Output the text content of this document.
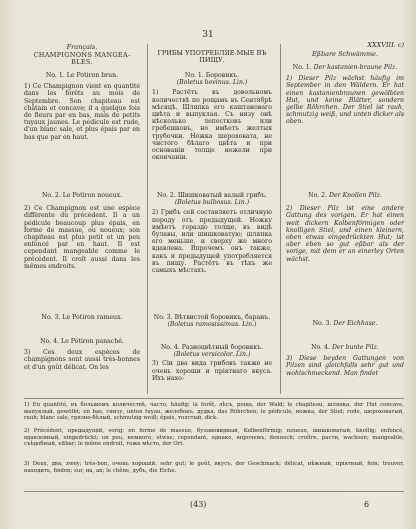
31
Français.
CHAMPIGNONS MANGEA-BLES.
No. 1. Le Potiron brun.
1) Ce Champignon vient en quantité dans les forêts au mois de Septembre. Son chapiteau est châtain et concave; il a quelque fois de fleurs par en bas, mais de petits tuyaux jaunes. Le pédicule est rude, d'un blanc sale, et plus épais par en bas que par en haut.
No. 2. Le Potiron noueux.
2) Ce Champignon est une espèce différente du précédent. Il a un pédicule beaucoup plus épais, en forme de massue, ou noueux; son chapiteau est plus petit et un peu enfoncé par en haut. Il est cependant mangeable comme le précédent. Il croît aussi dans les mêmes endroits.
No. 3. Le Potiron rameux.
No. 4. Le Potiron panaché.
3) Ces deux espèces de champignons sont aussi très-bonnes et d'un goût délicat. On les
ГРИБЫ УПОТРЕБЛЯЕ-МЫЕ ВЪ ПИЩУ.
No. 1. Боровикъ.
(Boletus bovinus. Lin.)
1) Растётъ въ довольномъ количествѣ по рощамъ въ Сентябрѣ мѣсяцѣ. Шляпка его каштановаго цвѣта и выпуклая. Съ низу онѣ нѣсколько лепестковъ или гребешковъ, но имѣетъ желтыя трубочки. Ножка шероховата, не чистого бѣлаго цвѣта и при основаніи толще нежели при окончаніи.
No. 2. Шишковатый валый грибъ.
(Boletus bulbosus. Lin.)
2) Грибъ сей составляетъ отличную породу отъ предыдущей. Ножку имѣетъ гораздо толще, въ видѣ булавы, или шишковатую; шляпка его меньше, и сверху же много вдавлена. Впрочемъ онъ также, какъ и предыдущей употребляется въ пищу. Растётъ въ тѣхъ же самыхъ мѣстахъ.
No. 3. Вѣтвистой боровикъ, баранъ.
(Boletus ramosissimus. Lin.)
No. 4. Разноцвѣтный боровикъ.
(Boletus versicolor. Lin.)
3) Сіи два вида грибовъ также не очень хороши и пріятнаго вкуса. Ихъ нахо-
XXXVIII. c)
Eßbare Schwämme.
No. 1. Der kastanien-braune Pilz.
1) Dieser Pilz wächst häufig im September in den Wäldern. Er hat einen kastanienbraunen gewölbten Hut, und keine Blätter, sondern gelbe Röhrchen. Der Stiel ist rauh, schmutzig weiß, und unten dicker als oben.
No. 2. Der Knollen Pilz.
2) Dieser Pilz ist eine andere Gattung des vorigen. Er hat einen weit dickern Kolbenförmigen oder knolligen Stiel, und einen kleinern, oben etwas eingedrückten Hut; ist aber eben so gut eßbar als der vorige, mit dem er an einerley Orten wächst.
No. 3. Der Eichhase.
No. 4. Der bunte Pilz.
3) Diese beyden Gattungen von Pilzen sind gleichfalls sehr gut und wohlschmeckend. Man findet
1) En quantité, въ большомъ количествѣ, часто, häufig; la forêt, лѣсъ, роща, der Wald; le chapiteau, шляпка, der Hut concave, выпуклый, gewölbt; en bas, снизу, unten tuyau, желобокъ, дудка, das Röhrchen; le pédicule, ножка, der Stiel; rude, шероховатый, rauh; blanc sale, грязно-бѣлый, schmutzig weiß; épais, толстый, dick.
2) Précédent, предыдущій, vorig; en forme de massue, булавовидный, Kolbenförmig; noueux, шишковатый, knollig; enfoncé, вдавленный, eingedrückt; un peu, немного, etwas; cependant, однако, впрочемъ, dennoch; croître, расти, wachsen; mangeable, съѣдобный, eßbar; le même endroit, тоже мѣсто, der Ort.
3) Deux, два, zwey; très-bon, очень хорошій, sehr gut; le goût, вкусъ, der Geschmack; délicat, нѣжный, пріятный, fein; trouver, находить, finden; sur, на, an; le chêne, дубъ, die Eiche.
(43)	6
